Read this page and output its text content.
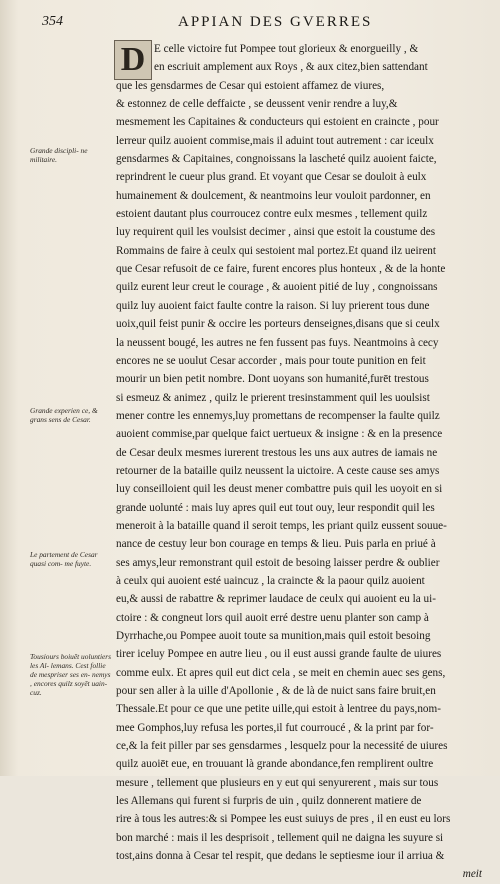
354	APPIAN DES GVERRES
D E celle victoire fut Pompee tout glorieux & enorgueilly , &
en escriuit amplement aux Roys , & aux citez,bien sattendant
que les gensdarmes de Cesar qui estoient affamez de viures,
& estonnez de celle deffaicte , se deussent venir rendre a luy,&
mesmement les Capitaines & conducteurs qui estoient en craincte , pour
lerreur quilz auoient commise,mais il aduint tout autrement : car iceulx
gensdarmes & Capitaines, congnoissans la lascheté quilz auoient faicte,
reprindrent le cueur plus grand. Et voyant que Cesar se douloit à eulx
humainement & doulcement, & neantmoins leur vouloit pardonner, en
estoient dautant plus courroucez contre eulx mesmes , tellement quilz
luy requirent quil les voulsist decimer , ainsi que estoit la coustume des
Rommains de faire à ceulx qui sestoient mal portez.Et quand ilz ueirent
que Cesar refusoit de ce faire, furent encores plus honteux , & de la honte
quilz eurent leur creut le courage , & auoient pitié de luy , congnoissans
quilz luy auoient faict faulte contre la raison. Si luy prierent tous dune
uoix,quil feist punir & occire les porteurs denseignes,disans que si ceulx
la neussent bougé, les autres ne fen fussent pas fuys. Neantmoins à cecy
encores ne se uoulut Cesar accorder , mais pour toute punition en feit
mourir un bien petit nombre. Dont uoyans son humanité,furēt trestous
si esmeuz & animez , quilz le prierent tresinstamment quil les uoulsist
mener contre les ennemys,luy promettans de recompenser la faulte quilz
auoient commise,par quelque faict uertueux & insigne : & en la presence
de Cesar deulx mesmes iurerent trestous les uns aux autres de iamais ne
retourner de la bataille quilz neussent la uictoire. A ceste cause ses amys
luy conseilloient quil les deust mener combattre puis quil les uoyoit en si
grande uolunté : mais luy apres quil eut tout ouy, leur respondit quil les
meneroit à la bataille quand il seroit temps, les priant quilz eussent souue-
nance de cestuy leur bon courage en temps & lieu. Puis parla en priué à
ses amys,leur remonstrant quil estoit de besoing laisser perdre & oublier
à ceulx qui auoient esté uaincuz , la craincte & la paour quilz auoient
eu,& aussi de rabattre & reprimer laudace de ceulx qui auoient eu la ui-
ctoire : & congneut lors quil auoit erré destre uenu planter son camp à
Dyrrhache,ou Pompee auoit toute sa munition,mais quil estoit besoing
tirer iceluy Pompee en autre lieu , ou il eust aussi grande faulte de uiures
comme eulx. Et apres quil eut dict cela , se meit en chemin auec ses gens,
pour sen aller à la uille d'Apollonie , & de là de nuict sans faire bruit,en
Thessale.Et pour ce que une petite uille,qui estoit à lentree du pays,nom-
mee Gomphos,luy refusa les portes,il fut courroucé , & la print par for-
ce,& la feit piller par ses gensdarmes , lesquelz pour la necessité de uiures
quilz auoiēt eue, en trouuant là grande abondance,fen remplirent oultre
mesure , tellement que plusieurs en y eut qui senyurerent , mais sur tous
les Allemans qui furent si furpris de uin , quilz donnerent matiere de
rire à tous les autres:& si Pompee les eust suiuys de pres , il en eust eu lors
bon marché : mais il les desprisoit , tellement quil ne daigna les suyure si
tost,ains donna à Cesar tel respit, que dedans le septiesme iour il arriua &
meit
Grande discipli- ne militaire.
Grande experien ce, & grans sens de Cesar.
Le partement de Cesar quasi com- me fuyte.
Tousiours boiuēt uoluntiers les Al- lemans. Cest follie de mespriser ses en- nemys , encores quilz soyēt uain- cuz.
